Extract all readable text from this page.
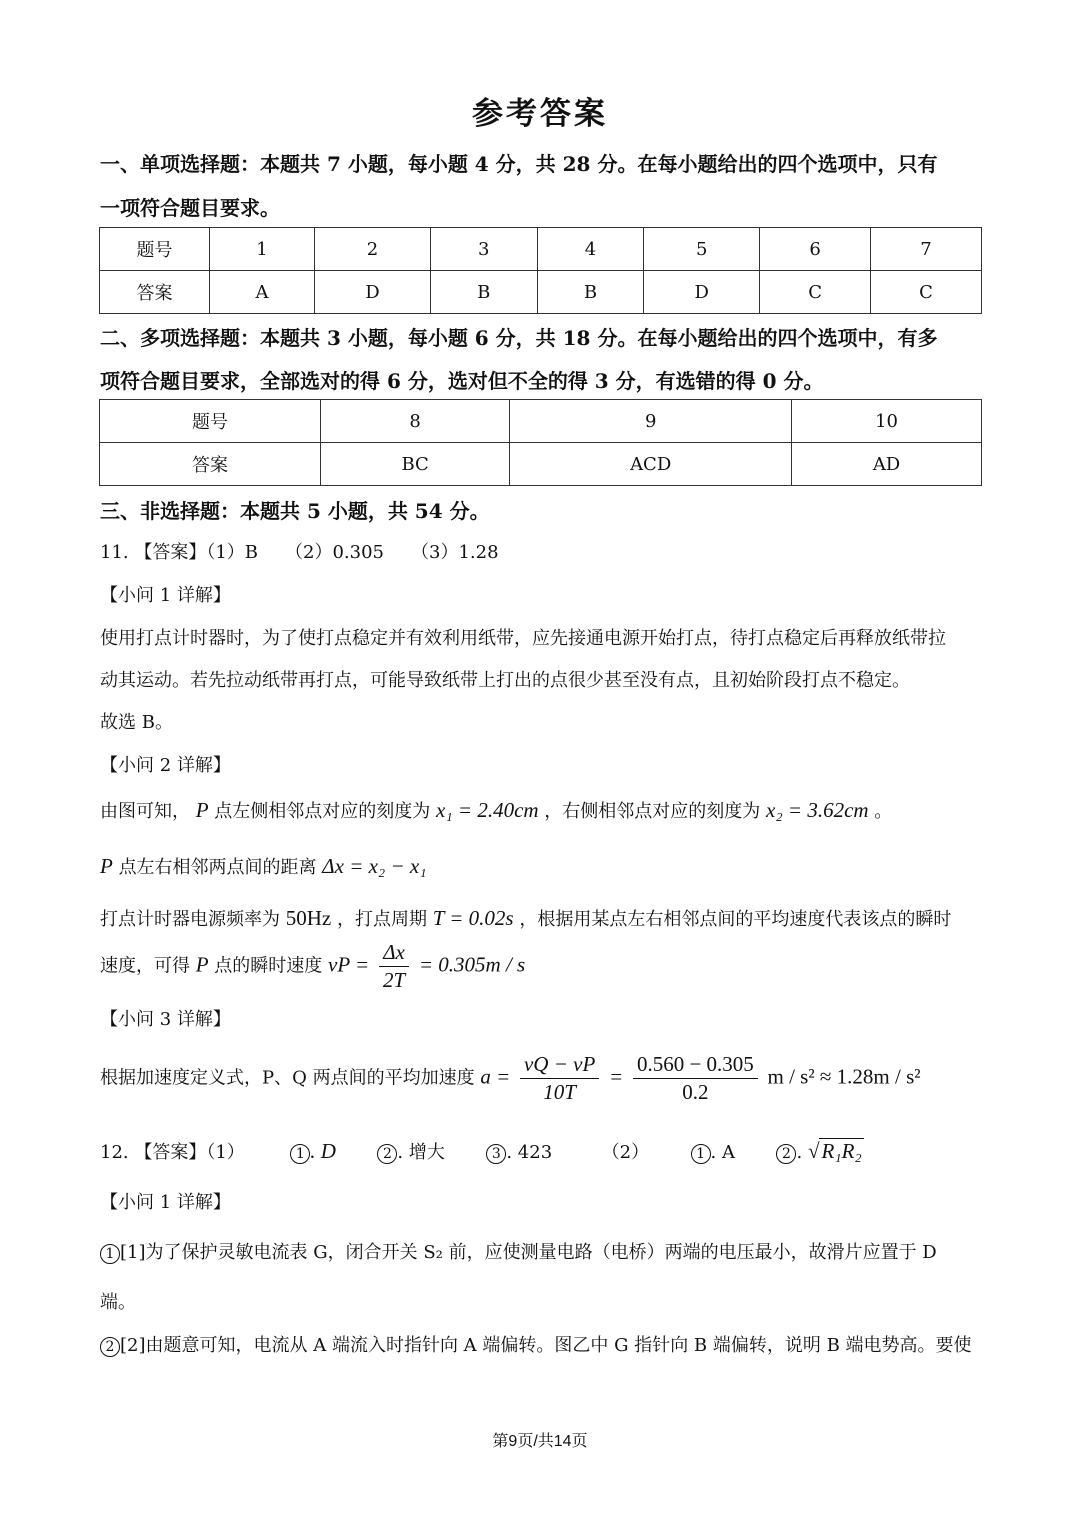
参考答案
一、单项选择题：本题共 7 小题，每小题 4 分，共 28 分。在每小题给出的四个选项中，只有
一项符合题目要求。
题号	1	2	3	4	5	6	7
答案	A	D	B	B	D	C	C
二、多项选择题：本题共 3 小题，每小题 6 分，共 18 分。在每小题给出的四个选项中，有多
项符合题目要求，全部选对的得 6 分，选对但不全的得 3 分，有选错的得 0 分。
题号	8	9	10
答案	BC	ACD	AD
三、非选择题：本题共 5 小题，共 54 分。
11. 【答案】（1）B　　（2）0.305　　（3）1.28
【小问 1 详解】
使用打点计时器时，为了使打点稳定并有效利用纸带，应先接通电源开始打点，待打点稳定后再释放纸带拉
动其运动。若先拉动纸带再打点，可能导致纸带上打出的点很少甚至没有点，且初始阶段打点不稳定。
故选 B。
【小问 2 详解】
由图可知， P 点左侧相邻点对应的刻度为 x₁ = 2.40cm ，右侧相邻点对应的刻度为 x₂ = 3.62cm 。
P 点左右相邻两点间的距离 Δx = x₂ − x₁
打点计时器电源频率为 50Hz ，打点周期 T = 0.02s ，根据用某点左右相邻点间的平均速度代表该点的瞬时
速度，可得 P 点的瞬时速度 vP = $\frac{\Delta x}{2T} = 0.305m / s$
【小问 3 详解】
根据加速度定义式，P、Q 两点间的平均加速度 $a = \frac{vQ - vP}{10T} = \frac{0.560 - 0.305}{0.2}$ m / s² ≈ 1.28m / s²
12. 【答案】（1）	1 . D	2 . 增大	3 . 423	（2）	1 . A	2 . √R₁R₂
【小问 1 详解】
1 [1]为了保护灵敏电流表 G，闭合开关 S₂ 前，应使测量电路（电桥）两端的电压最小，故滑片应置于 D
端。
2 [2]由题意可知，电流从 A 端流入时指针向 A 端偏转。图乙中 G 指针向 B 端偏转，说明 B 端电势高。要使
第9页/共14页
